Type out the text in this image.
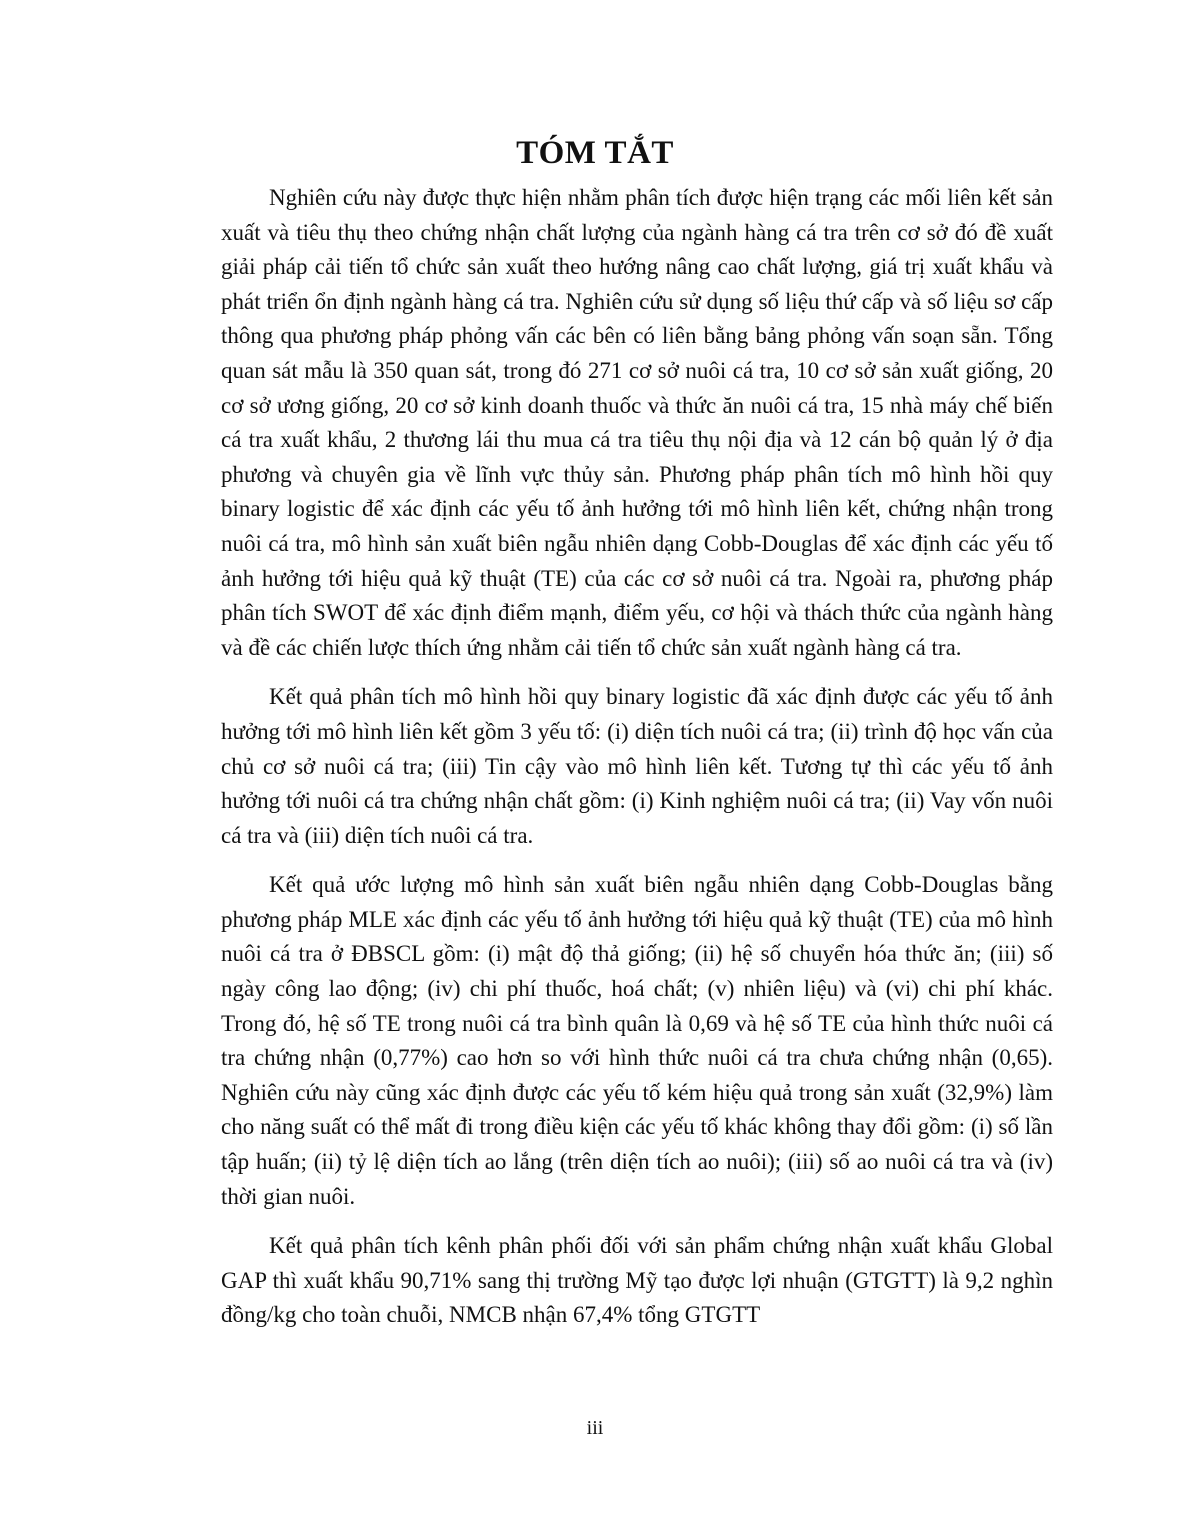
TÓM TẮT

Nghiên cứu này được thực hiện nhằm phân tích được hiện trạng các mối liên kết sản xuất và tiêu thụ theo chứng nhận chất lượng của ngành hàng cá tra trên cơ sở đó đề xuất giải pháp cải tiến tổ chức sản xuất theo hướng nâng cao chất lượng, giá trị xuất khẩu và phát triển ổn định ngành hàng cá tra. Nghiên cứu sử dụng số liệu thứ cấp và số liệu sơ cấp thông qua phương pháp phỏng vấn các bên có liên bằng bảng phỏng vấn soạn sẵn. Tổng quan sát mẫu là 350 quan sát, trong đó 271 cơ sở nuôi cá tra, 10 cơ sở sản xuất giống, 20 cơ sở ương giống, 20 cơ sở kinh doanh thuốc và thức ăn nuôi cá tra, 15 nhà máy chế biến cá tra xuất khẩu, 2 thương lái thu mua cá tra tiêu thụ nội địa và 12 cán bộ quản lý ở địa phương và chuyên gia về lĩnh vực thủy sản. Phương pháp phân tích mô hình hồi quy binary logistic để xác định các yếu tố ảnh hưởng tới mô hình liên kết, chứng nhận trong nuôi cá tra, mô hình sản xuất biên ngẫu nhiên dạng Cobb-Douglas để xác định các yếu tố ảnh hưởng tới hiệu quả kỹ thuật (TE) của các cơ sở nuôi cá tra. Ngoài ra, phương pháp phân tích SWOT để xác định điểm mạnh, điểm yếu, cơ hội và thách thức của ngành hàng và đề các chiến lược thích ứng nhằm cải tiến tổ chức sản xuất ngành hàng cá tra.

Kết quả phân tích mô hình hồi quy binary logistic đã xác định được các yếu tố ảnh hưởng tới mô hình liên kết gồm 3 yếu tố: (i) diện tích nuôi cá tra; (ii) trình độ học vấn của chủ cơ sở nuôi cá tra; (iii) Tin cậy vào mô hình liên kết. Tương tự thì các yếu tố ảnh hưởng tới nuôi cá tra chứng nhận chất gồm: (i) Kinh nghiệm nuôi cá tra; (ii) Vay vốn nuôi cá tra và (iii) diện tích nuôi cá tra.

Kết quả ước lượng mô hình sản xuất biên ngẫu nhiên dạng Cobb-Douglas bằng phương pháp MLE xác định các yếu tố ảnh hưởng tới hiệu quả kỹ thuật (TE) của mô hình nuôi cá tra ở ĐBSCL gồm: (i) mật độ thả giống; (ii) hệ số chuyển hóa thức ăn; (iii) số ngày công lao động; (iv) chi phí thuốc, hoá chất; (v) nhiên liệu) và (vi) chi phí khác. Trong đó, hệ số TE trong nuôi cá tra bình quân là 0,69 và hệ số TE của hình thức nuôi cá tra chứng nhận (0,77%) cao hơn so với hình thức nuôi cá tra chưa chứng nhận (0,65). Nghiên cứu này cũng xác định được các yếu tố kém hiệu quả trong sản xuất (32,9%) làm cho năng suất có thể mất đi trong điều kiện các yếu tố khác không thay đổi gồm: (i) số lần tập huấn; (ii) tỷ lệ diện tích ao lắng (trên diện tích ao nuôi); (iii) số ao nuôi cá tra và (iv) thời gian nuôi.

Kết quả phân tích kênh phân phối đối với sản phẩm chứng nhận xuất khẩu Global GAP thì xuất khẩu 90,71% sang thị trường Mỹ tạo được lợi nhuận (GTGTT) là 9,2 nghìn đồng/kg cho toàn chuỗi, NMCB nhận 67,4% tổng GTGTT

iii
